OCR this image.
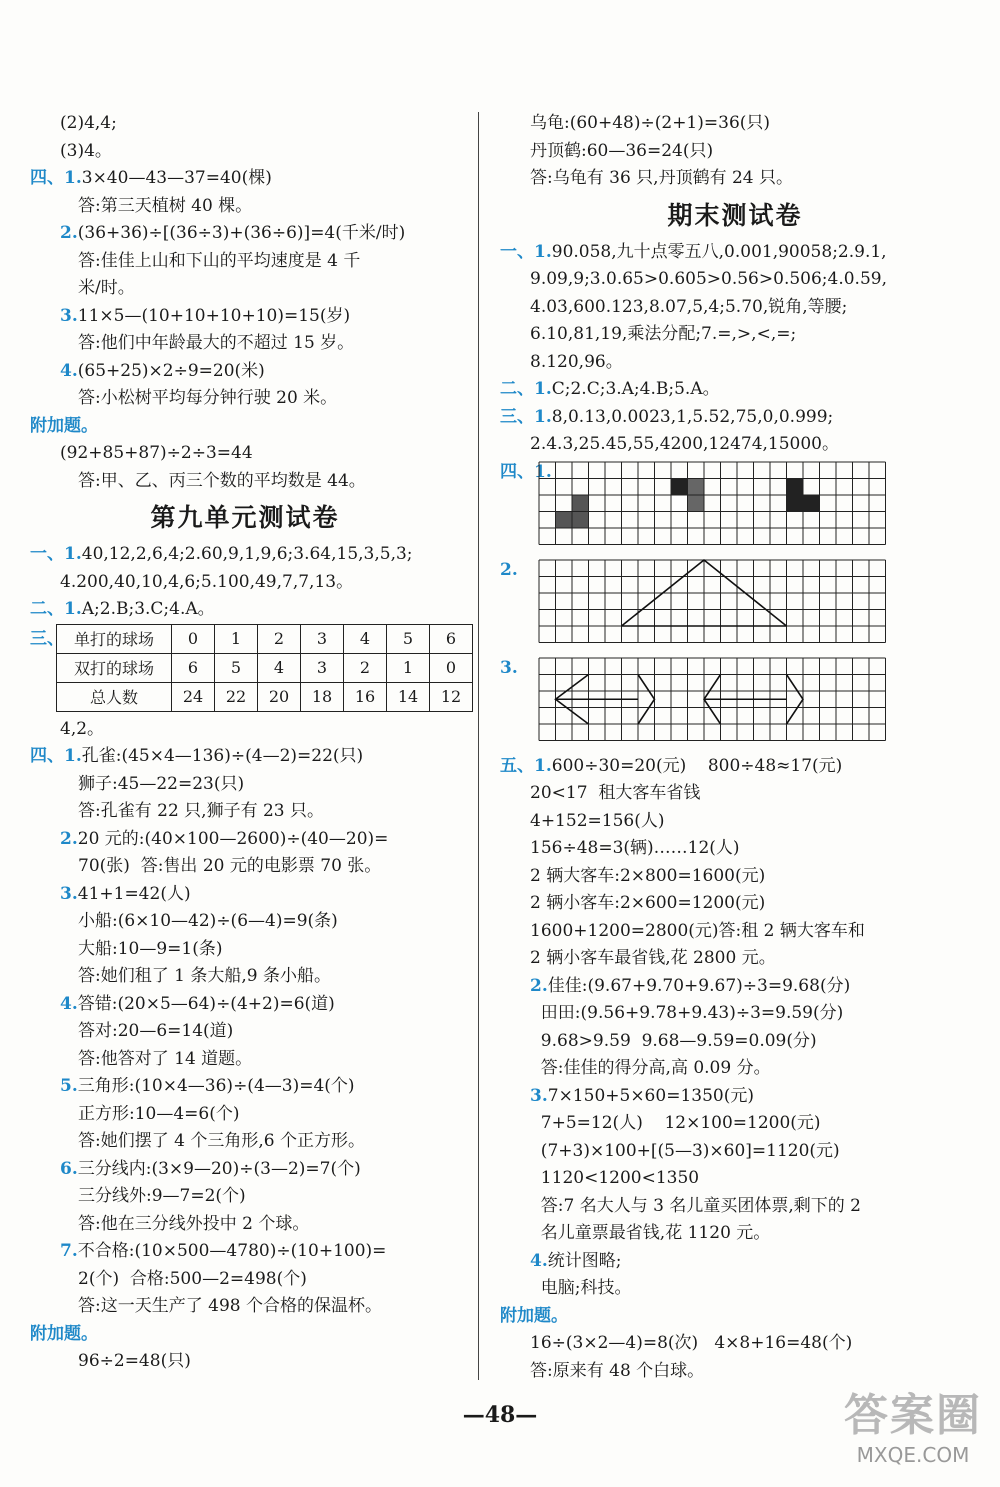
(2)4,4;
(3)4。
四、1.3×40—43—37=40(棵)
答:第三天植树 40 棵。
2.(36+36)÷[(36÷3)+(36÷6)]=4(千米/时)
答:佳佳上山和下山的平均速度是 4 千
米/时。
3.11×5—(10+10+10+10)=15(岁)
答:他们中年龄最大的不超过 15 岁。
4.(65+25)×2÷9=20(米)
答:小松树平均每分钟行驶 20 米。
附加题。
(92+85+87)÷2÷3=44
答:甲、乙、丙三个数的平均数是 44。
第九单元测试卷
一、1.40,12,2,6,4;2.60,9,1,9,6;3.64,15,3,5,3;
4.200,40,10,4,6;5.100,49,7,7,13。
二、1.A;2.B;3.C;4.A。
三、 单打的球场	0	1	2	3	4	5	6
双打的球场	6	5	4	3	2	1	0
总人数	24	22	20	18	16	14	12
4,2。
四、1.孔雀:(45×4—136)÷(4—2)=22(只)
狮子:45—22=23(只)
答:孔雀有 22 只,狮子有 23 只。
2.20 元的:(40×100—2600)÷(40—20)=
70(张)  答:售出 20 元的电影票 70 张。
3.41+1=42(人)
小船:(6×10—42)÷(6—4)=9(条)
大船:10—9=1(条)
答:她们租了 1 条大船,9 条小船。
4.答错:(20×5—64)÷(4+2)=6(道)
答对:20—6=14(道)
答:他答对了 14 道题。
5.三角形:(10×4—36)÷(4—3)=4(个)
正方形:10—4=6(个)
答:她们摆了 4 个三角形,6 个正方形。
6.三分线内:(3×9—20)÷(3—2)=7(个)
三分线外:9—7=2(个)
答:他在三分线外投中 2 个球。
7.不合格:(10×500—4780)÷(10+100)=
2(个)  合格:500—2=498(个)
答:这一天生产了 498 个合格的保温杯。
附加题。
96÷2=48(只)
乌龟:(60+48)÷(2+1)=36(只)
丹顶鹤:60—36=24(只)
答:乌龟有 36 只,丹顶鹤有 24 只。
期末测试卷
一、1.90.058,九十点零五八,0.001,90058;2.9.1,
9.09,9;3.0.65>0.605>0.56>0.506;4.0.59,
4.03,600.123,8.07,5,4;5.70,锐角,等腰;
6.10,81,19,乘法分配;7.=,>,<,=;
8.120,96。
二、1.C;2.C;3.A;4.B;5.A。
三、1.8,0.13,0.0023,1,5.52,75,0,0.999;
2.4.3,25.45,55,4200,12474,15000。
四、1.
2.
3.
五、1.600÷30=20(元)    800÷48≈17(元)
20<17  租大客车省钱
4+152=156(人)
156÷48=3(辆)……12(人)
2 辆大客车:2×800=1600(元)
2 辆小客车:2×600=1200(元)
1600+1200=2800(元)答:租 2 辆大客车和
2 辆小客车最省钱,花 2800 元。
2.佳佳:(9.67+9.70+9.67)÷3=9.68(分)
田田:(9.56+9.78+9.43)÷3=9.59(分)
9.68>9.59  9.68—9.59=0.09(分)
答:佳佳的得分高,高 0.09 分。
3.7×150+5×60=1350(元)
7+5=12(人)    12×100=1200(元)
(7+3)×100+[(5—3)×60]=1120(元)
1120<1200<1350
答:7 名大人与 3 名儿童买团体票,剩下的 2
名儿童票最省钱,花 1120 元。
4.统计图略;
电脑;科技。
附加题。
16÷(3×2—4)=8(次)   4×8+16=48(个)
答:原来有 48 个白球。
—48—	答案圈
MXQE.COM
